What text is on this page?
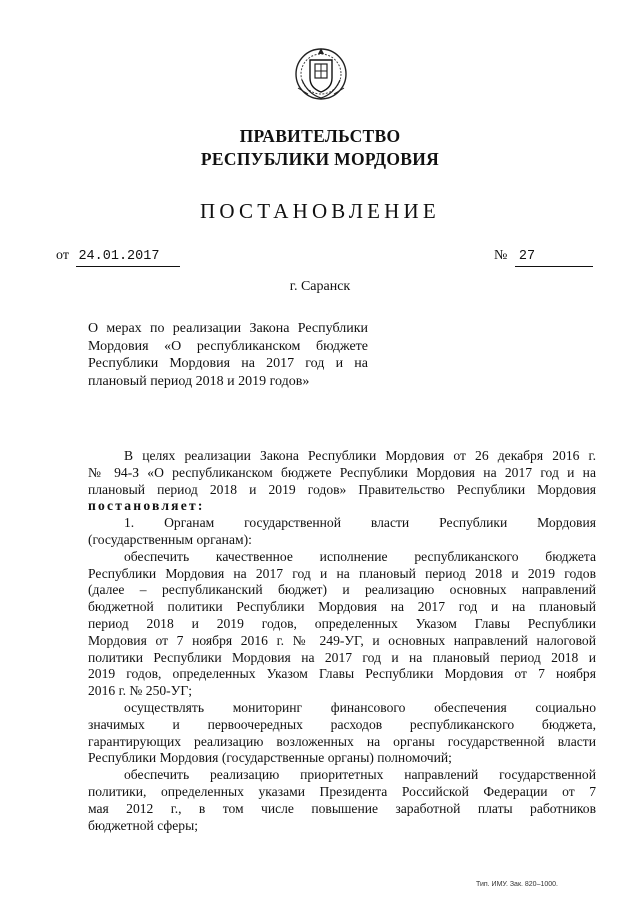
ПРАВИТЕЛЬСТВО
РЕСПУБЛИКИ МОРДОВИЯ
ПОСТАНОВЛЕНИЕ
от 24.01.2017	№ 27
г. Саранск
О мерах по реализации Закона Республики
Мордовия «О республиканском бюджете
Республики Мордовия на 2017 год и на
плановый период 2018 и 2019 годов»
В целях реализации Закона Республики Мордовия от 26 декабря 2016 г.
№ 94-З «О республиканском бюджете Республики Мордовия на 2017 год и на
плановый период 2018 и 2019 годов» Правительство Республики Мордовия
постановляет:
1. Органам государственной власти Республики Мордовия
(государственным органам):
обеспечить качественное исполнение республиканского бюджета
Республики Мордовия на 2017 год и на плановый период 2018 и 2019 годов
(далее – республиканский бюджет) и реализацию основных направлений
бюджетной политики Республики Мордовия на 2017 год и на плановый
период 2018 и 2019 годов, определенных Указом Главы Республики
Мордовия от 7 ноября 2016 г. № 249-УГ, и основных направлений налоговой
политики Республики Мордовия на 2017 год и на плановый период 2018 и
2019 годов, определенных Указом Главы Республики Мордовия от 7 ноября
2016 г. № 250-УГ;
осуществлять мониторинг финансового обеспечения социально
значимых и первоочередных расходов республиканского бюджета,
гарантирующих реализацию возложенных на органы государственной власти
Республики Мордовия (государственные органы) полномочий;
обеспечить реализацию приоритетных направлений государственной
политики, определенных указами Президента Российской Федерации от 7
мая 2012 г., в том числе повышение заработной платы работников
бюджетной сферы;
Тип. ИМУ. Зак. 820–1000.
